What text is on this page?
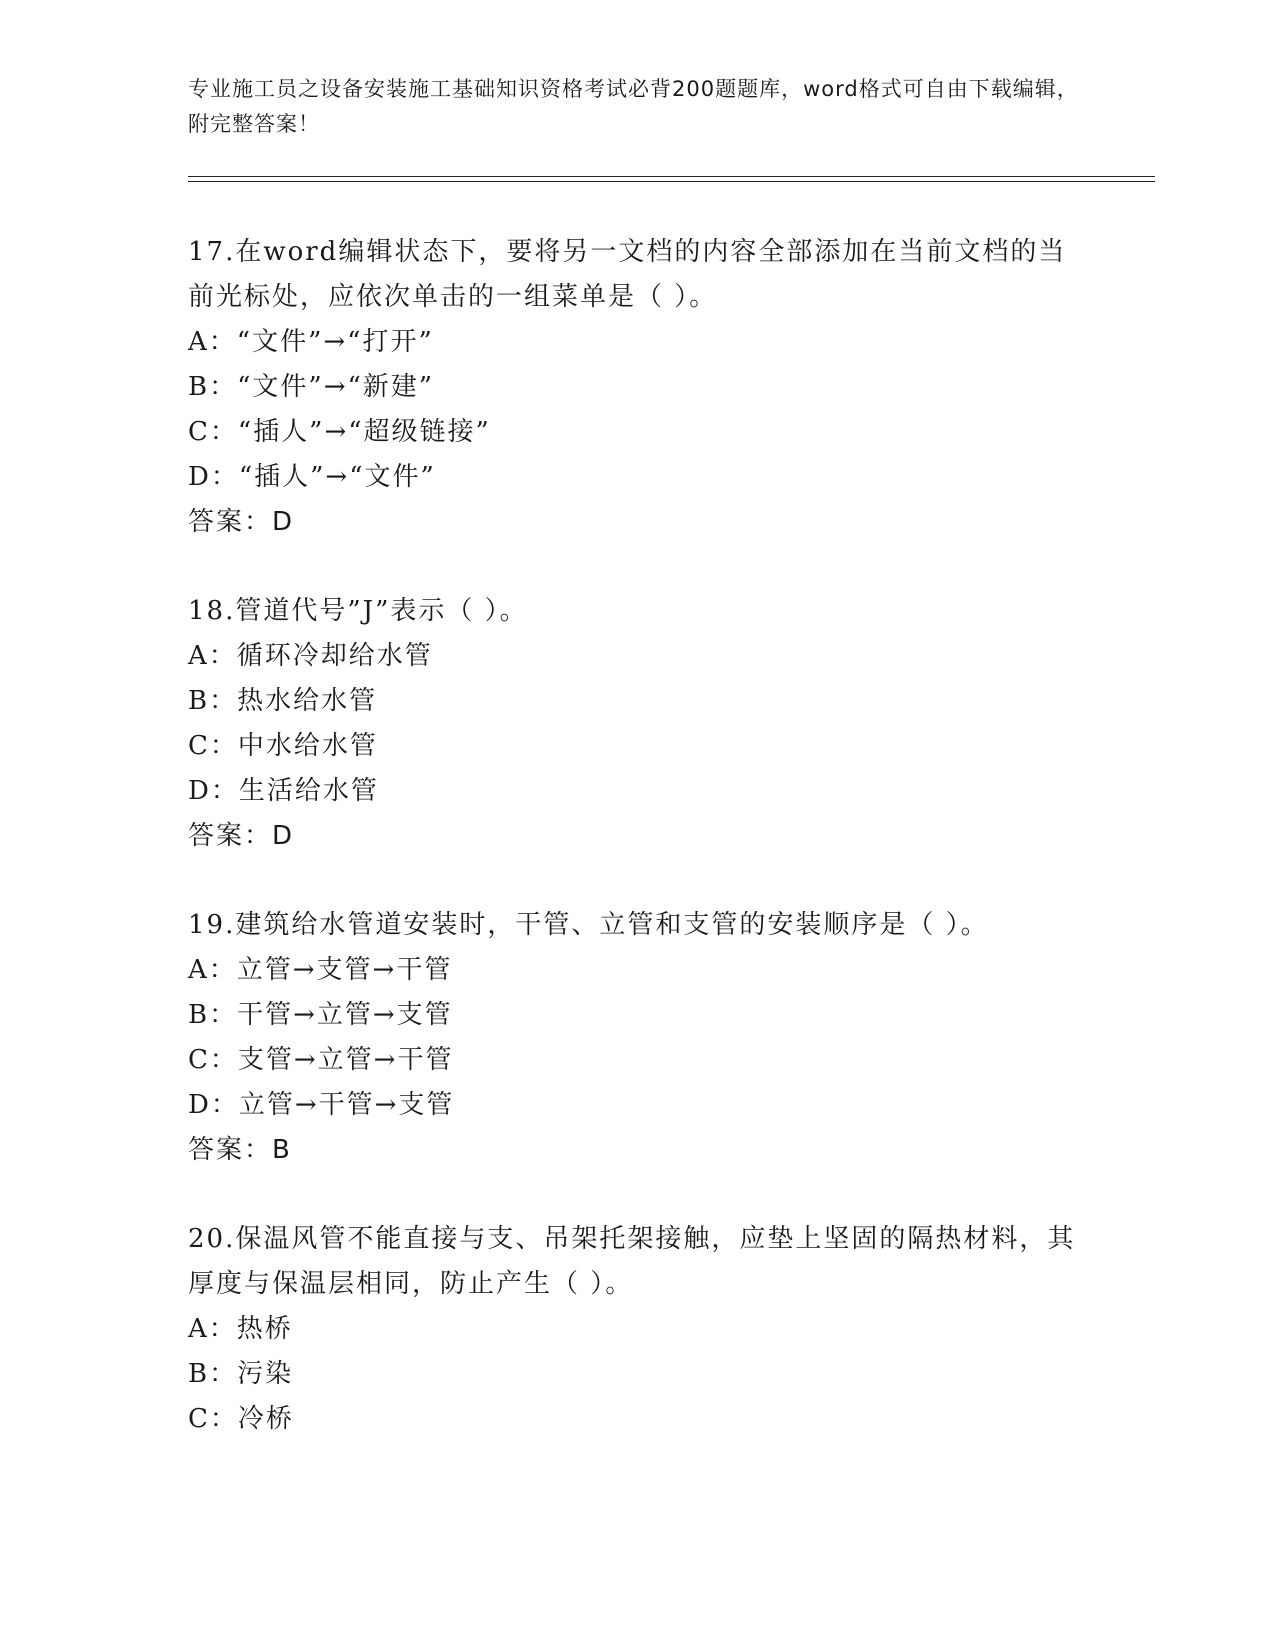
专业施工员之设备安装施工基础知识资格考试必背200题题库，word格式可自由下载编辑，附完整答案！
17.在word编辑状态下，要将另一文档的内容全部添加在当前文档的当前光标处，应依次单击的一组菜单是（ ）。
A：“文件”→“打开”
B：“文件”→“新建”
C：“插人”→“超级链接”
D：“插人”→“文件”
答案：D
18.管道代号”J”表示（ ）。
A：循环冷却给水管
B：热水给水管
C：中水给水管
D：生活给水管
答案：D
19.建筑给水管道安装时，干管、立管和支管的安装顺序是（ ）。
A：立管→支管→干管
B：干管→立管→支管
C：支管→立管→干管
D：立管→干管→支管
答案：B
20.保温风管不能直接与支、吊架托架接触，应垫上坚固的隔热材料，其厚度与保温层相同，防止产生（ ）。
A：热桥
B：污染
C：冷桥
